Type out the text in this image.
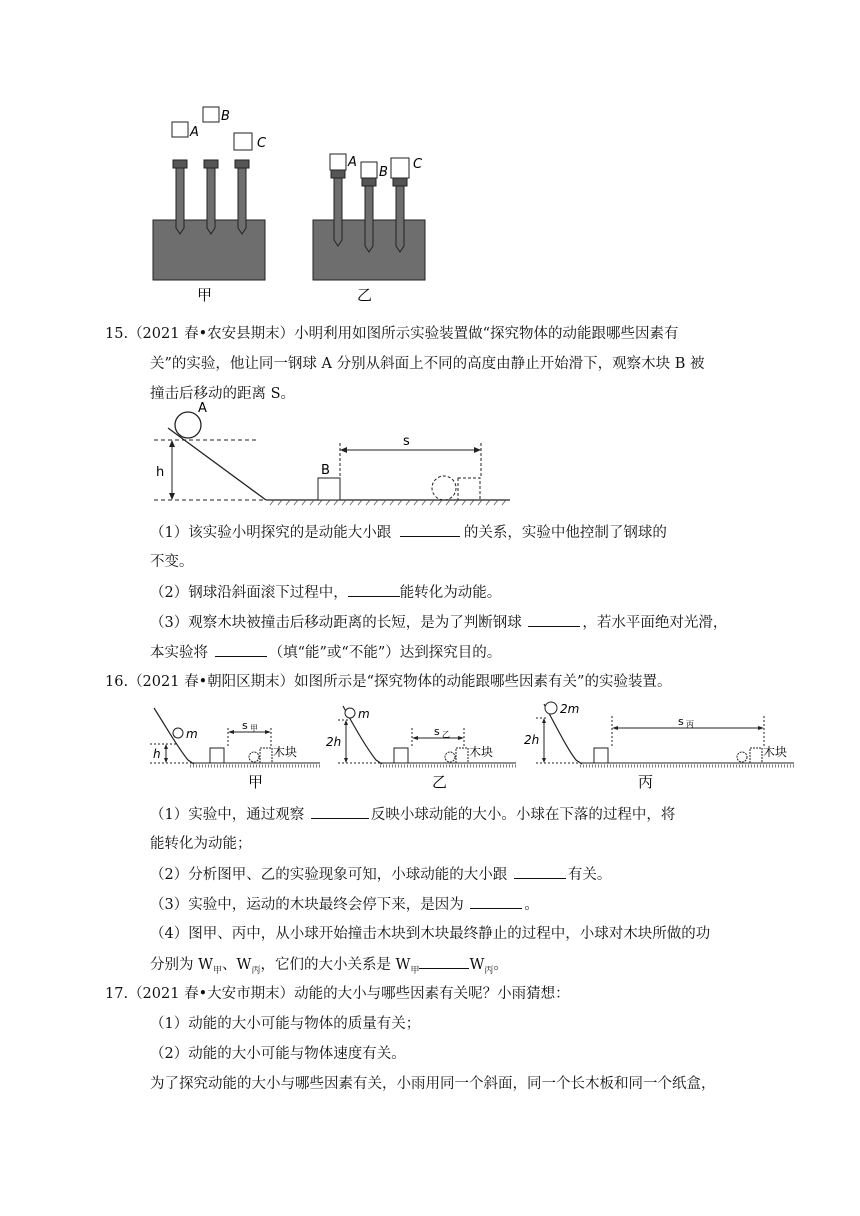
A
B
C
甲
A
B
C
乙
15.（2021 春•农安县期末）小明利用如图所示实验装置做“探究物体的动能跟哪些因素有
关”的实验，他让同一钢球 A 分别从斜面上不同的高度由静止开始滑下，观察木块 B 被
撞击后移动的距离 S。
A
h	B
s
（1）该实验小明探究的是动能大小跟	的关系，实验中他控制了钢球的
不变。
（2）钢球沿斜面滚下过程中，	能转化为动能。
（3）观察木块被撞击后移动距离的长短，是为了判断钢球	，若水平面绝对光滑，
本实验将	（填“能”或“不能”）达到探究目的。
16.（2021 春•朝阳区期末）如图所示是“探究物体的动能跟哪些因素有关”的实验装置。
m
h
s 甲
木块
甲
m
2h
s 乙
木块
乙
2m
2h
s 丙
木块
丙
（1）实验中，通过观察	反映小球动能的大小。小球在下落的过程中，将
能转化为动能；
（2）分析图甲、乙的实验现象可知，小球动能的大小跟	有关。
（3）实验中，运动的木块最终会停下来，是因为	。
（4）图甲、丙中，从小球开始撞击木块到木块最终静止的过程中，小球对木块所做的功
分别为 $W_甲$、$W_丙$，它们的大小关系是 $W_甲$	$W_丙$。
17.（2021 春•大安市期末）动能的大小与哪些因素有关呢？小雨猜想：
（1）动能的大小可能与物体的质量有关；
（2）动能的大小可能与物体速度有关。
为了探究动能的大小与哪些因素有关，小雨用同一个斜面，同一个长木板和同一个纸盒，
